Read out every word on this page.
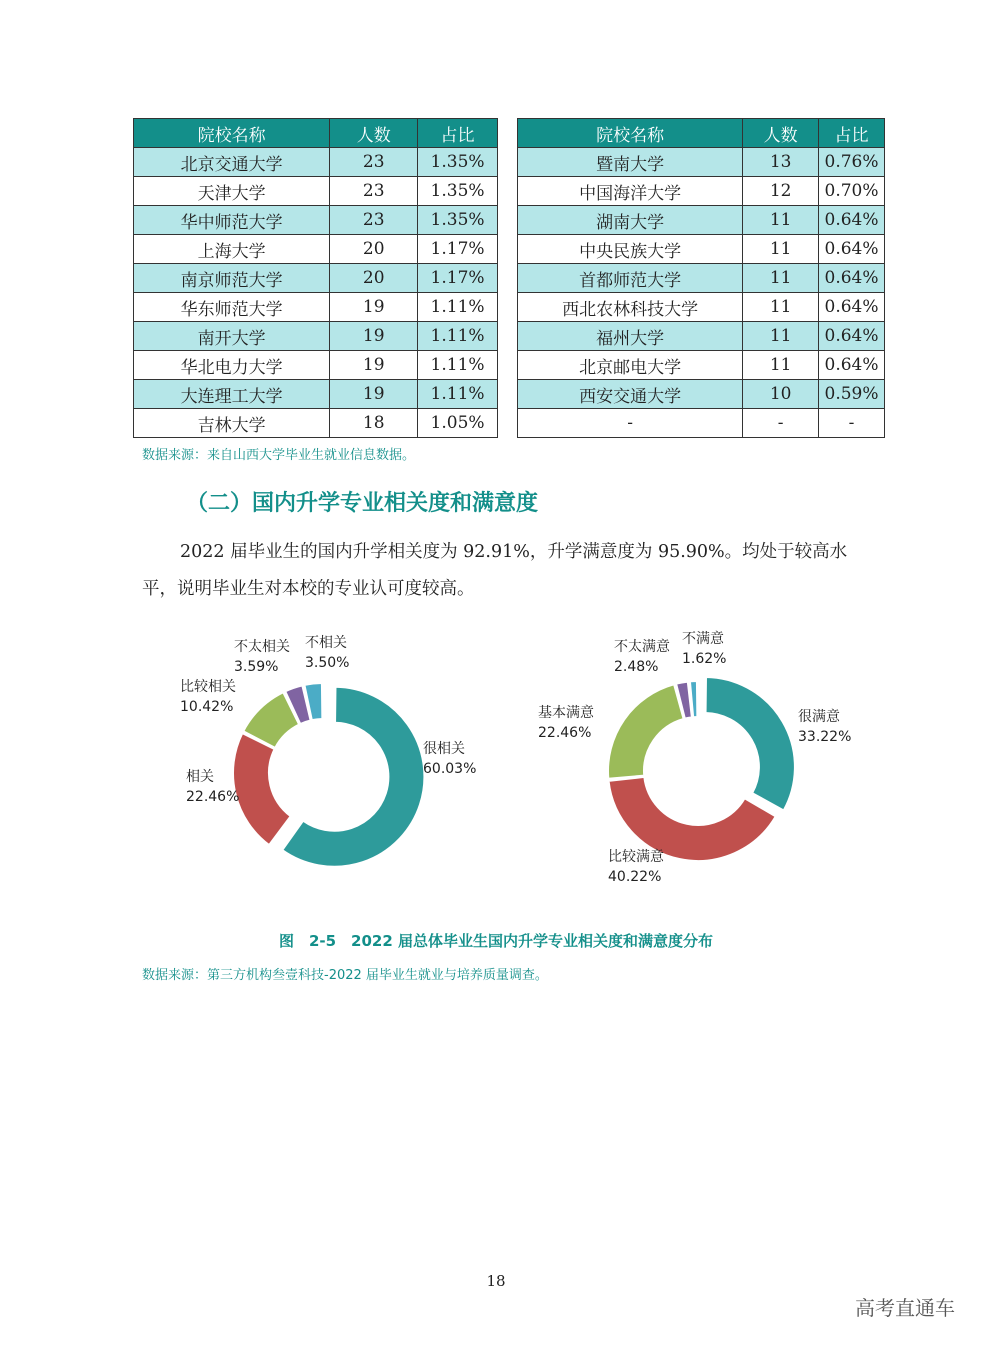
院校名称	人数	占比
北京交通大学	23	1.35%
天津大学	23	1.35%
华中师范大学	23	1.35%
上海大学	20	1.17%
南京师范大学	20	1.17%
华东师范大学	19	1.11%
南开大学	19	1.11%
华北电力大学	19	1.11%
大连理工大学	19	1.11%
吉林大学	18	1.05%
院校名称	人数	占比
暨南大学	13	0.76%
中国海洋大学	12	0.70%
湖南大学	11	0.64%
中央民族大学	11	0.64%
首都师范大学	11	0.64%
西北农林科技大学	11	0.64%
福州大学	11	0.64%
北京邮电大学	11	0.64%
西安交通大学	10	0.59%
-	-	-
数据来源：来自山西大学毕业生就业信息数据。
（二）国内升学专业相关度和满意度
2022 届毕业生的国内升学相关度为 92.91%，升学满意度为 95.90%。均处于较高水平，说明毕业生对本校的专业认可度较高。
很相关
60.03%
相关
22.46%
比较相关
10.42%
不太相关
3.59%
不相关
3.50%
很满意
33.22%
比较满意
40.22%
基本满意
22.46%
不太满意
2.48%
不满意
1.62%
图　2-5　2022 届总体毕业生国内升学专业相关度和满意度分布
数据来源：第三方机构叁壹科技-2022 届毕业生就业与培养质量调查。
18
高考直通车
